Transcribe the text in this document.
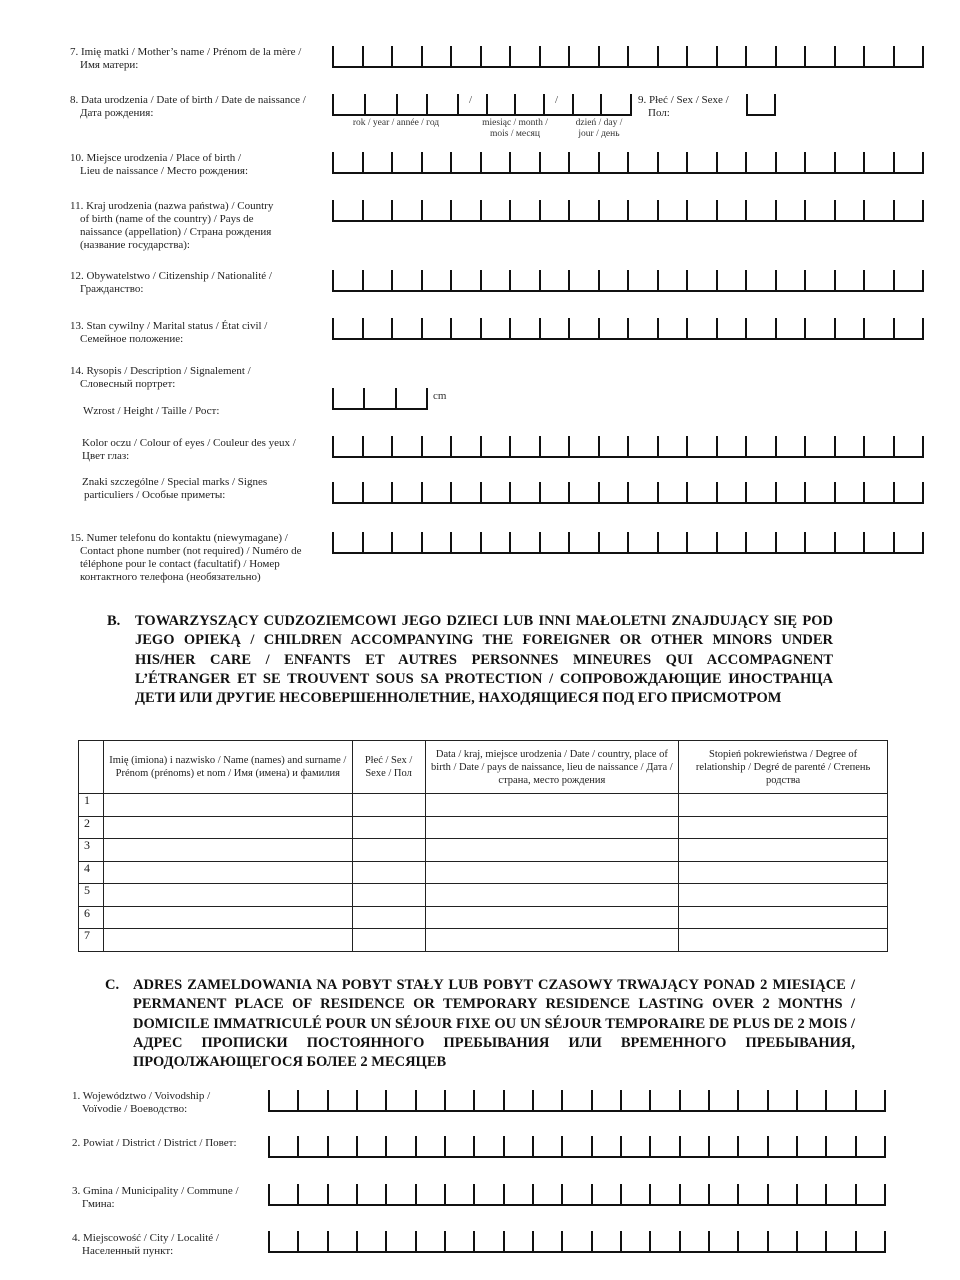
7. Imię matki / Mother’s name / Prénom de la mère /
Имя матери:
8. Data urodzenia / Date of birth / Date de naissance /
Дата рождения:
/
/
rok / year / année / год	miesiąc / month /
mois / месяц
dzień / day /
jour / день
9. Płeć / Sex / Sexe /
Пол:
10. Miejsce urodzenia / Place of birth /
Lieu de naissance / Место рождения:
11. Kraj urodzenia (nazwa państwa) / Country
of birth (name of the country) / Pays de
naissance (appellation) / Страна рождения
(название государства):
12. Obywatelstwo / Citizenship / Nationalité /
Гражданство:
13. Stan cywilny / Marital status / État civil /
Семейное положение:
14. Rysopis / Description / Signalement /
Словесный портрет:
Wzrost / Height / Taille / Рост:
cm
Kolor oczu / Colour of eyes / Couleur des yeux /
Цвет глаз:
Znaki szczególne / Special marks / Signes
particuliers / Особые приметы:
15. Numer telefonu do kontaktu (niewymagane) /
Contact phone number (not required) / Numéro de
téléphone pour le contact (facultatif) / Номер
контактного телефона (необязательно)
B. TOWARZYSZĄCY CUDZOZIEMCOWI JEGO DZIECI LUB INNI MAŁOLETNI ZNAJDUJĄCY SIĘ POD JEGO OPIEKĄ / CHILDREN ACCOMPANYING THE FOREIGNER OR OTHER MINORS UNDER HIS/HER CARE / ENFANTS ET AUTRES PERSONNES MINEURES QUI ACCOMPAGNENT L’ÉTRANGER ET SE TROUVENT SOUS SA PROTECTION / СОПРОВОЖДАЮЩИЕ ИНОСТРАНЦА ДЕТИ ИЛИ ДРУГИЕ НЕСОВЕРШЕННОЛЕТНИЕ, НАХОДЯЩИЕСЯ ПОД ЕГО ПРИСМОТРОМ
	Imię (imiona) i nazwisko / Name (names) and surname / Prénom (prénoms) et nom / Имя (имена) и фамилия	Płeć / Sex / Sexe / Пол	Data / kraj, miejsce urodzenia / Date / country, place of birth / Date / pays de naissance, lieu de naissance / Дата / страна, место рождения	Stopień pokrewieństwa / Degree of relationship / Degré de parenté / Степень родства
1				
2				
3				
4				
5				
6				
7				
C. ADRES ZAMELDOWANIA NA POBYT STAŁY LUB POBYT CZASOWY TRWAJĄCY PONAD 2 MIESIĄCE / PERMANENT PLACE OF RESIDENCE OR TEMPORARY RESIDENCE LASTING OVER 2 MONTHS / DOMICILE IMMATRICULÉ POUR UN SÉJOUR FIXE OU UN SÉJOUR TEMPORAIRE DE PLUS DE 2 MOIS / АДРЕС ПРОПИСКИ ПОСТОЯННОГО ПРЕБЫВАНИЯ ИЛИ ВРЕМЕННОГО ПРЕБЫВАНИЯ, ПРОДОЛЖАЮЩЕГОСЯ БОЛЕЕ 2 МЕСЯЦЕВ
1. Województwo / Voivodship /
Voïvodie / Воеводство:
2. Powiat / District / District / Повет:
3. Gmina / Municipality / Commune /
Гмина:
4. Miejscowość / City / Localité /
Населенный пункт:
